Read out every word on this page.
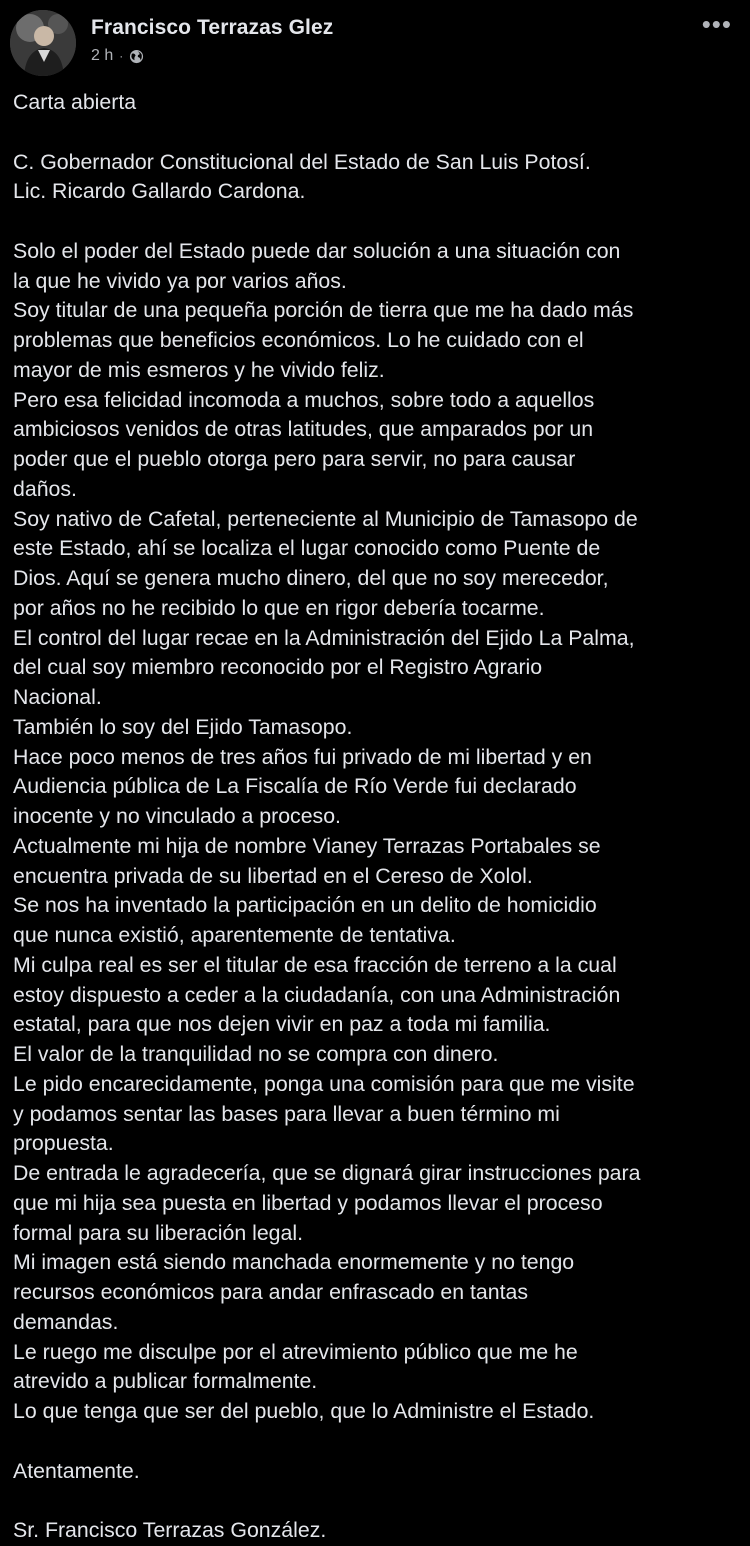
Francisco Terrazas Glez
2 h ·
•••
Carta abierta
C. Gobernador Constitucional del Estado de San Luis Potosí.
Lic. Ricardo Gallardo Cardona.
Solo el poder del Estado puede dar solución a una situación con
la que he vivido ya por varios años.
Soy titular de una pequeña porción de tierra que me ha dado más
problemas que beneficios económicos. Lo he cuidado con el
mayor de mis esmeros y he vivido feliz.
Pero esa felicidad incomoda a muchos, sobre todo a aquellos
ambiciosos venidos de otras latitudes, que amparados por un
poder que el pueblo otorga pero para servir, no para causar
daños.
Soy nativo de Cafetal, perteneciente al Municipio de Tamasopo de
este Estado, ahí se localiza el lugar conocido como Puente de
Dios. Aquí se genera mucho dinero, del que no soy merecedor,
por años no he recibido lo que en rigor debería tocarme.
El control del lugar recae en la Administración del Ejido La Palma,
del cual soy miembro reconocido por el Registro Agrario
Nacional.
También lo soy del Ejido Tamasopo.
Hace poco menos de tres años fui privado de mi libertad y en
Audiencia pública de La Fiscalía de Río Verde fui declarado
inocente y no vinculado a proceso.
Actualmente mi hija de nombre Vianey Terrazas Portabales se
encuentra privada de su libertad en el Cereso de Xolol.
Se nos ha inventado la participación en un delito de homicidio
que nunca existió, aparentemente de tentativa.
Mi culpa real es ser el titular de esa fracción de terreno a la cual
estoy dispuesto a ceder a la ciudadanía, con una Administración
estatal, para que nos dejen vivir en paz a toda mi familia.
El valor de la tranquilidad no se compra con dinero.
Le pido encarecidamente, ponga una comisión para que me visite
y podamos sentar las bases para llevar a buen término mi
propuesta.
De entrada le agradecería, que se dignará girar instrucciones para
que mi hija sea puesta en libertad y podamos llevar el proceso
formal para su liberación legal.
Mi imagen está siendo manchada enormemente y no tengo
recursos económicos para andar enfrascado en tantas
demandas.
Le ruego me disculpe por el atrevimiento público que me he
atrevido a publicar formalmente.
Lo que tenga que ser del pueblo, que lo Administre el Estado.
Atentamente.
Sr. Francisco Terrazas González.
